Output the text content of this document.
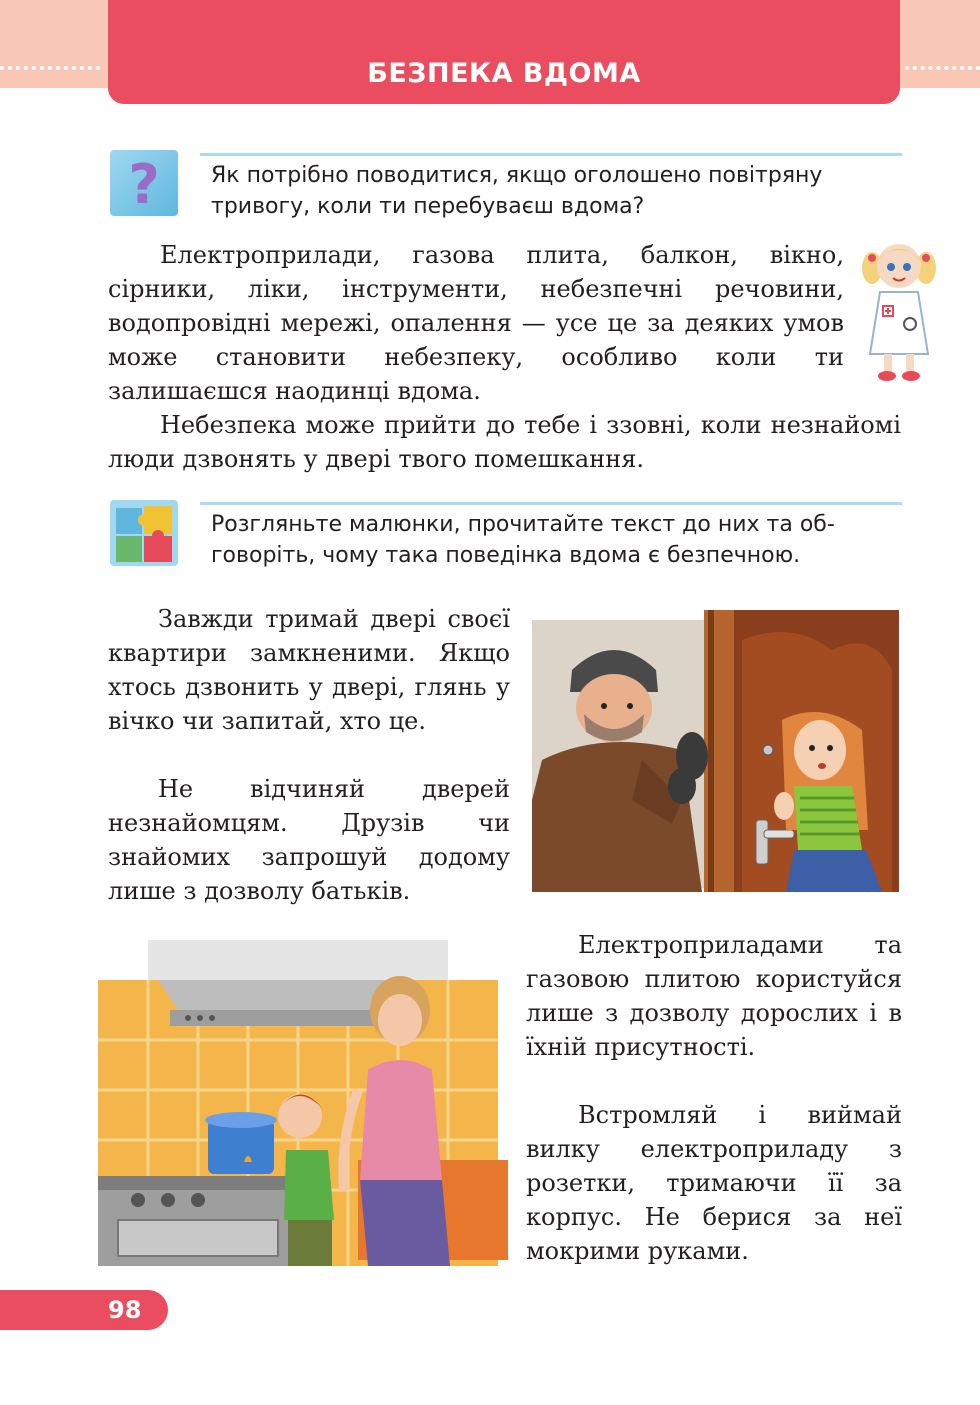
БЕЗПЕКА ВДОМА
? Як потрібно поводитися, якщо оголошено повітряну
тривогу, коли ти перебуваєш вдома?

Електроприлади, газова плита, балкон, вікно, сірники, ліки, інструменти, небезпечні речовини, водопровідні мережі, опалення — усе це за деяких умов може становити небезпеку, особливо коли ти залишаєшся наодинці вдома.

Небезпека може прийти до тебе і ззовні, коли незнайомі люди дзвонять у двері твого помешкання.

Розгляньте малюнки, прочитайте текст до них та об-
говоріть, чому така поведінка вдома є безпечною.

Завжди тримай двері своєї квартири замкненими. Якщо хтось дзвонить у двері, глянь у вічко чи запитай, хто це.

Не відчиняй дверей незнайомцям. Друзів чи знайомих запрошуй додому лише з дозволу батьків.

Електроприладами та газовою плитою користуйся лише з дозволу дорослих і в їхній присутності.

Встромляй і виймай вилку електроприладу з розетки, тримаючи її за корпус. Не берися за неї мокрими руками.

98
